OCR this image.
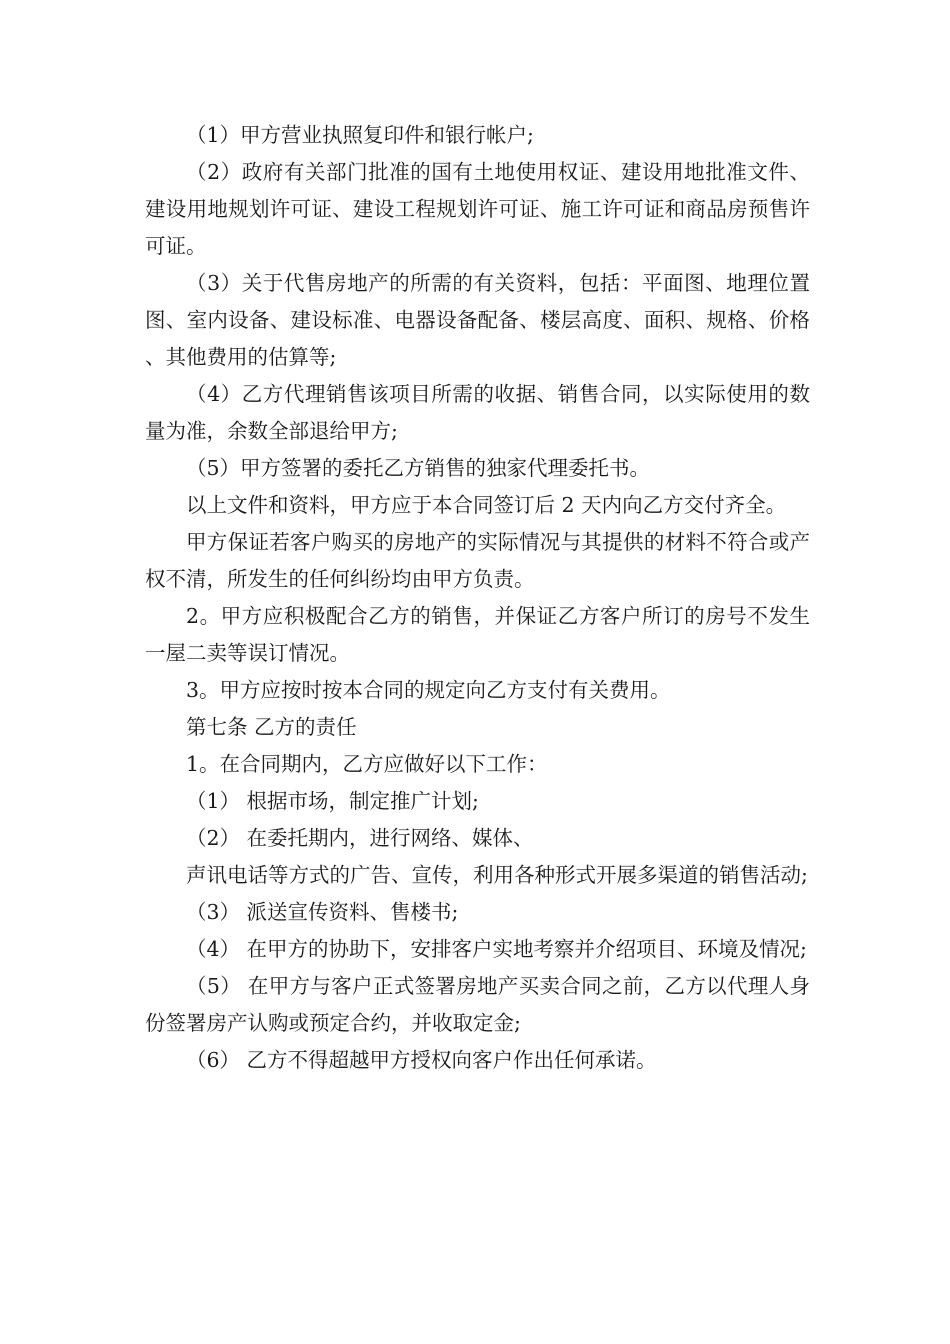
（1）甲方营业执照复印件和银行帐户;

（2）政府有关部门批准的国有土地使用权证、建设用地批准文件、建设用地规划许可证、建设工程规划许可证、施工许可证和商品房预售许可证。

（3）关于代售房地产的所需的有关资料，包括：平面图、地理位置图、室内设备、建设标准、电器设备配备、楼层高度、面积、规格、价格、其他费用的估算等;

（4）乙方代理销售该项目所需的收据、销售合同，以实际使用的数量为准，余数全部退给甲方;

（5）甲方签署的委托乙方销售的独家代理委托书。

以上文件和资料，甲方应于本合同签订后 2 天内向乙方交付齐全。

甲方保证若客户购买的房地产的实际情况与其提供的材料不符合或产权不清，所发生的任何纠纷均由甲方负责。

2。甲方应积极配合乙方的销售，并保证乙方客户所订的房号不发生一屋二卖等误订情况。

3。甲方应按时按本合同的规定向乙方支付有关费用。

第七条 乙方的责任

1。在合同期内，乙方应做好以下工作：

（1） 根据市场，制定推广计划;

（2） 在委托期内，进行网络、媒体、

声讯电话等方式的广告、宣传，利用各种形式开展多渠道的销售活动;

（3） 派送宣传资料、售楼书;

（4） 在甲方的协助下，安排客户实地考察并介绍项目、环境及情况;

（5） 在甲方与客户正式签署房地产买卖合同之前，乙方以代理人身份签署房产认购或预定合约，并收取定金;

（6） 乙方不得超越甲方授权向客户作出任何承诺。
